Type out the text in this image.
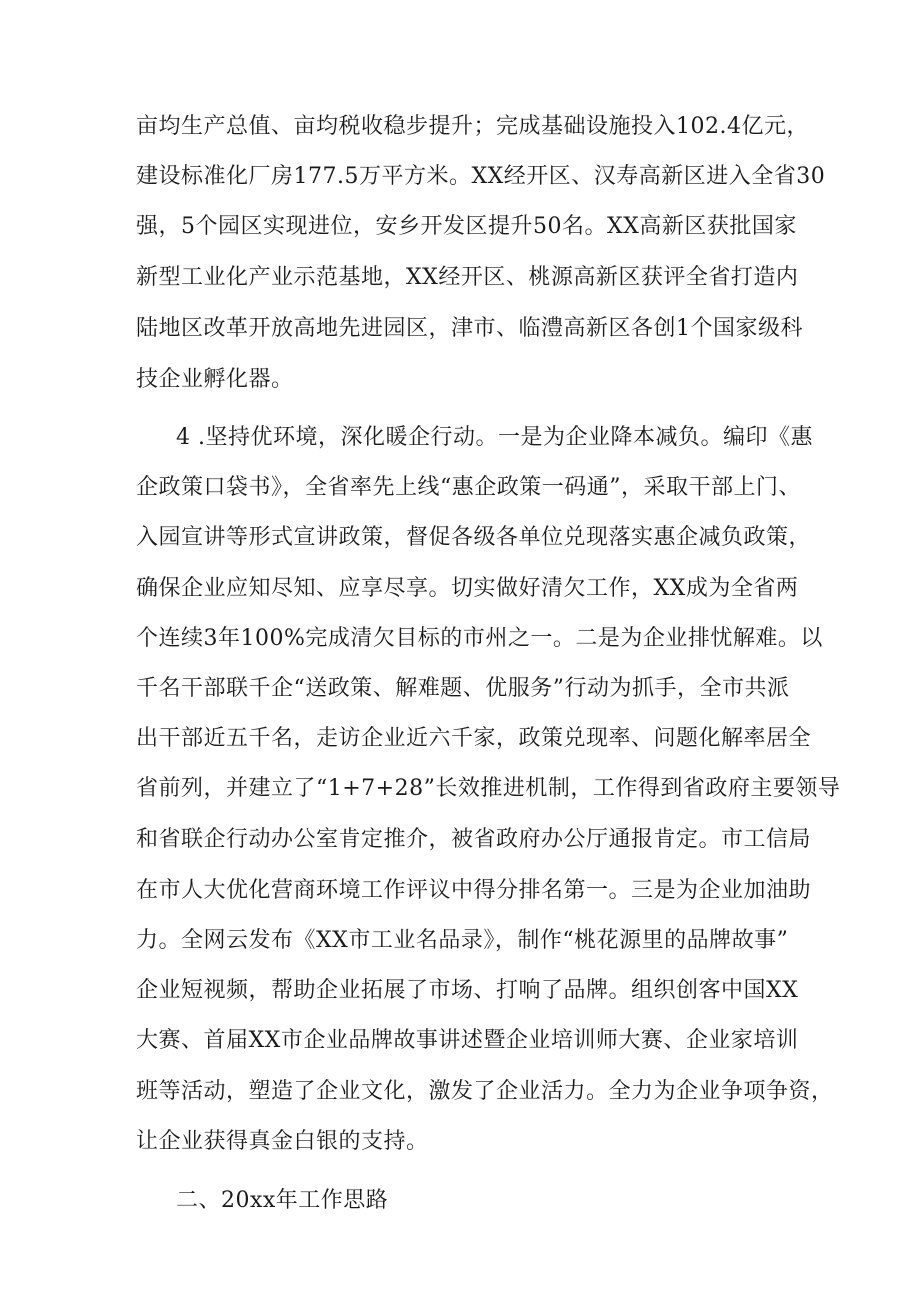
亩均生产总值、亩均税收稳步提升；完成基础设施投入102.4亿元，
建设标准化厂房177.5万平方米。XX经开区、汉寿高新区进入全省30
强，5个园区实现进位，安乡开发区提升50名。XX高新区获批国家
新型工业化产业示范基地，XX经开区、桃源高新区获评全省打造内
陆地区改革开放高地先进园区，津市、临澧高新区各创1个国家级科
技企业孵化器。
4 .坚持优环境，深化暖企行动。一是为企业降本减负。编印《惠
企政策口袋书》，全省率先上线“惠企政策一码通”，采取干部上门、
入园宣讲等形式宣讲政策，督促各级各单位兑现落实惠企减负政策，
确保企业应知尽知、应享尽享。切实做好清欠工作，XX成为全省两
个连续3年100%完成清欠目标的市州之一。二是为企业排忧解难。以
千名干部联千企“送政策、解难题、优服务”行动为抓手，全市共派
出干部近五千名，走访企业近六千家，政策兑现率、问题化解率居全
省前列，并建立了“1+7+28”长效推进机制，工作得到省政府主要领导
和省联企行动办公室肯定推介，被省政府办公厅通报肯定。市工信局
在市人大优化营商环境工作评议中得分排名第一。三是为企业加油助
力。全网云发布《XX市工业名品录》，制作“桃花源里的品牌故事”
企业短视频，帮助企业拓展了市场、打响了品牌。组织创客中国XX
大赛、首届XX市企业品牌故事讲述暨企业培训师大赛、企业家培训
班等活动，塑造了企业文化，激发了企业活力。全力为企业争项争资，
让企业获得真金白银的支持。
二、20xx年工作思路
